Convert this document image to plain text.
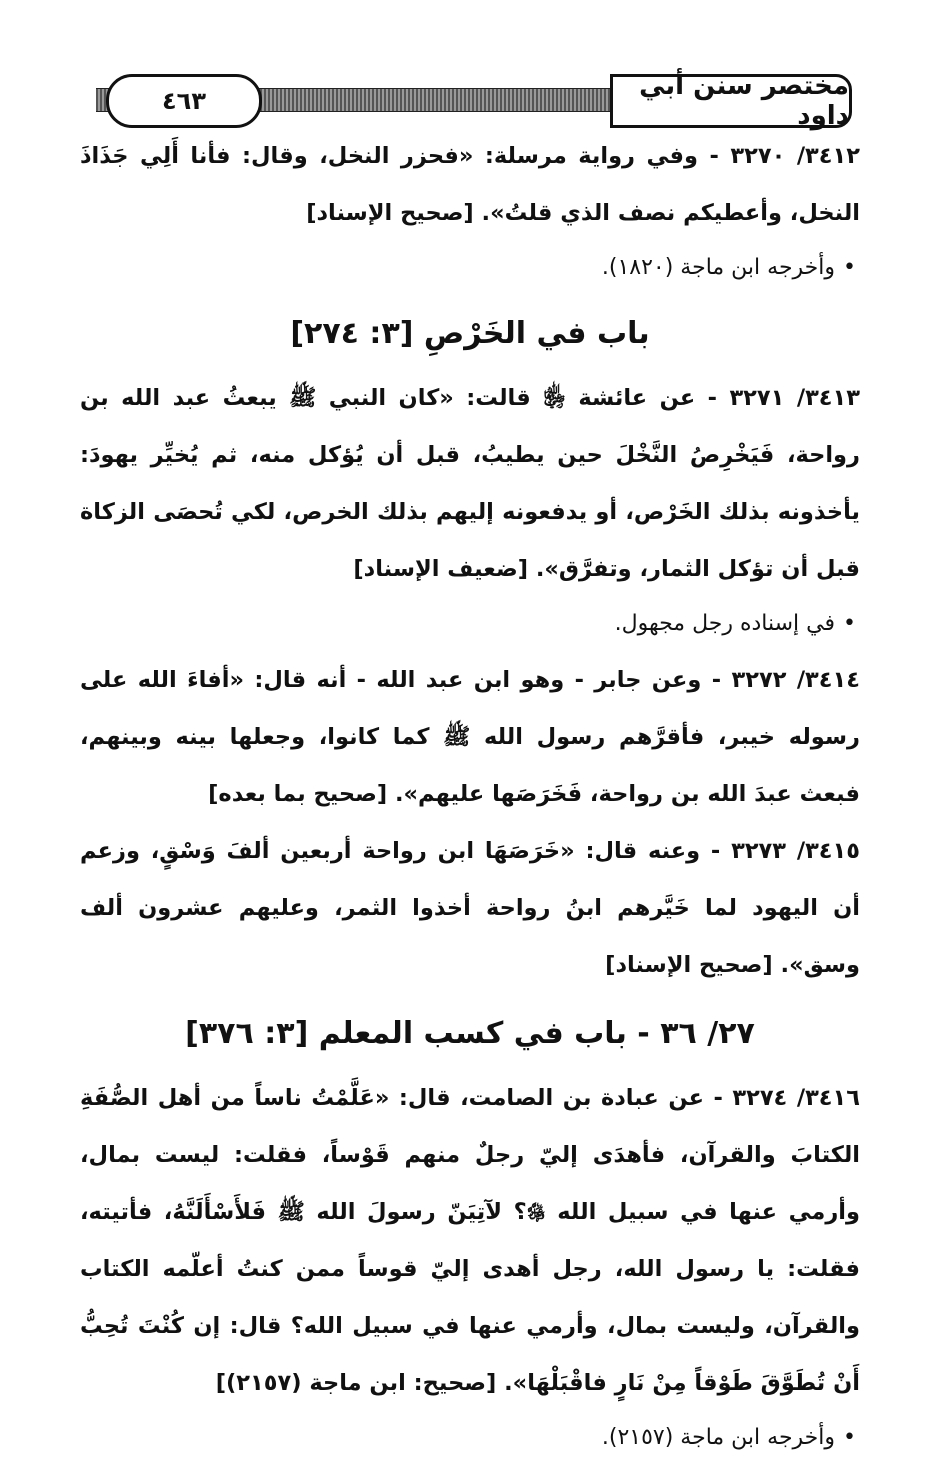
٤٦٣	مختصر سنن أبي داود

٣٤١٢/ ٣٢٧٠ - وفي رواية مرسلة: «فحزر النخل، وقال: فأنا أَلِي جَذَاذَ النخل، وأعطيكم نصف الذي قلتُ». [صحيح الإسناد]

•وأخرجه ابن ماجة (١٨٢٠).

باب في الخَرْصِ [٣: ٢٧٤]

٣٤١٣/ ٣٢٧١ - عن عائشة ﵂ قالت: «كان النبي ﷺ يبعثُ عبد الله بن رواحة، فَيَخْرِصُ النَّخْلَ حين يطيبُ، قبل أن يُؤكل منه، ثم يُخيِّر يهودَ: يأخذونه بذلك الخَرْص، أو يدفعونه إليهم بذلك الخرص، لكي تُحصَى الزكاة قبل أن تؤكل الثمار، وتفرَّق». [ضعيف الإسناد]

•في إسناده رجل مجهول.

٣٤١٤/ ٣٢٧٢ - وعن جابر - وهو ابن عبد الله - أنه قال: «أفاءَ الله على رسوله خيبر، فأقرَّهم رسول الله ﷺ كما كانوا، وجعلها بينه وبينهم، فبعث عبدَ الله بن رواحة، فَخَرَصَها عليهم». [صحيح بما بعده]

٣٤١٥/ ٣٢٧٣ - وعنه قال: «خَرَصَهَا ابن رواحة أربعين ألفَ وَسْقٍ، وزعم أن اليهود لما خَيَّرهم ابنُ رواحة أخذوا الثمر، وعليهم عشرون ألف وسق». [صحيح الإسناد]

٢٧/ ٣٦ - باب في كسب المعلم [٣: ٣٧٦]

٣٤١٦/ ٣٢٧٤ - عن عبادة بن الصامت، قال: «عَلَّمْتُ ناساً من أهل الصُّفَةِ الكتابَ والقرآن، فأهدَى إليّ رجلٌ منهم قَوْساً، فقلت: ليست بمال، وأرمي عنها في سبيل الله ﷿؟ لآتِيَنّ رسولَ الله ﷺ فَلأَسْأَلَنَّهُ، فأتيته، فقلت: يا رسول الله، رجل أهدى إليّ قوساً ممن كنتُ أعلّمه الكتاب والقرآن، وليست بمال، وأرمي عنها في سبيل الله؟ قال: إن كُنْتَ تُحِبُّ أَنْ تُطَوَّقَ طَوْقاً مِنْ نَارٍ فاقْبَلْهَا». [صحيح: ابن ماجة (٢١٥٧)]

•وأخرجه ابن ماجة (٢١٥٧).
